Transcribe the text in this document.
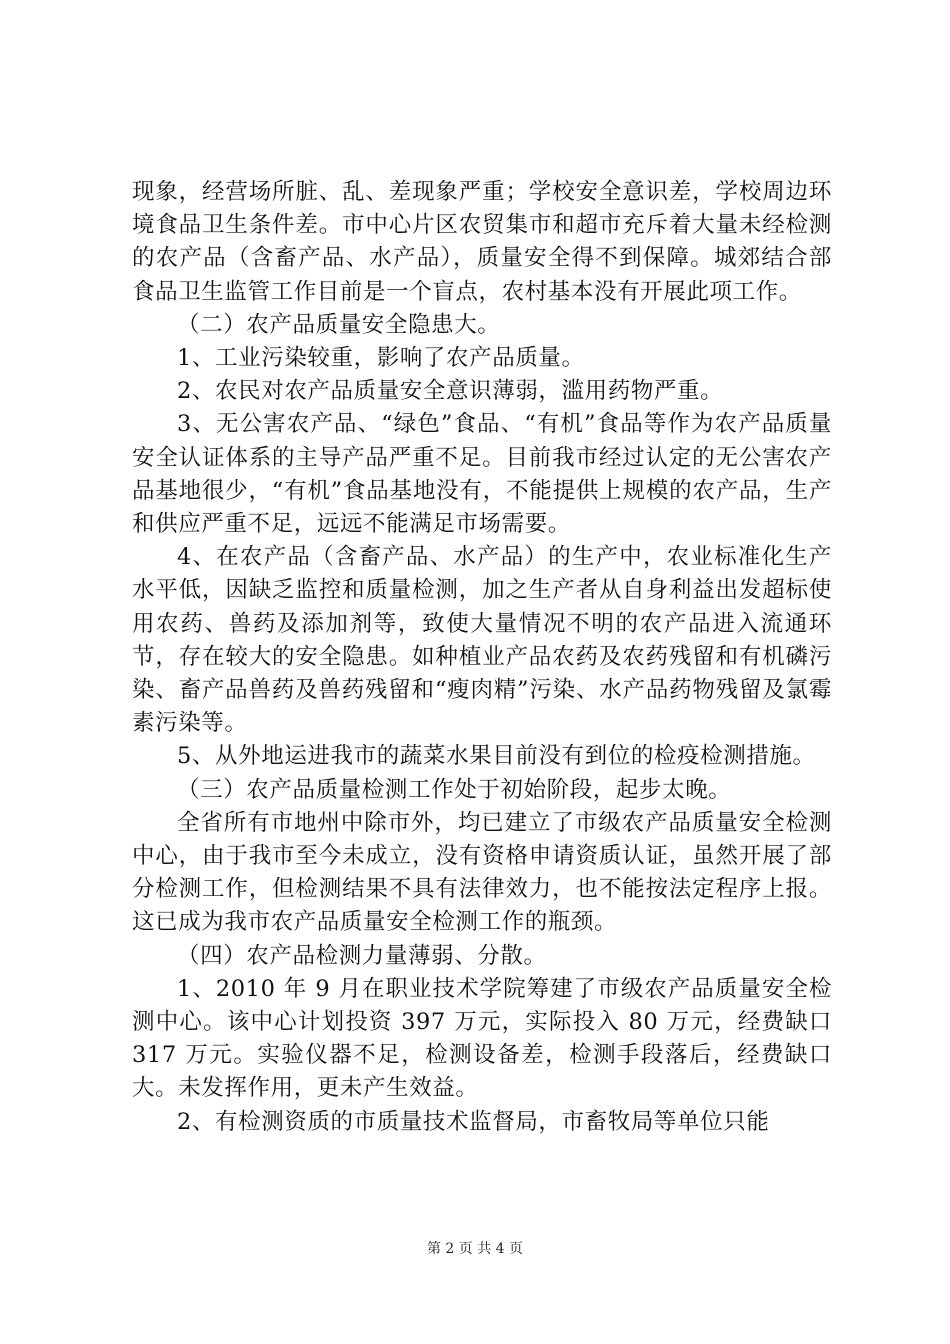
现象，经营场所脏、乱、差现象严重；学校安全意识差，学校周边环境食品卫生条件差。市中心片区农贸集市和超市充斥着大量未经检测的农产品（含畜产品、水产品），质量安全得不到保障。城郊结合部食品卫生监管工作目前是一个盲点，农村基本没有开展此项工作。

（二）农产品质量安全隐患大。

1、工业污染较重，影响了农产品质量。

2、农民对农产品质量安全意识薄弱，滥用药物严重。

3、无公害农产品、“绿色”食品、“有机”食品等作为农产品质量安全认证体系的主导产品严重不足。目前我市经过认定的无公害农产品基地很少，“有机”食品基地没有，不能提供上规模的农产品，生产和供应严重不足，远远不能满足市场需要。

4、在农产品（含畜产品、水产品）的生产中，农业标准化生产水平低，因缺乏监控和质量检测，加之生产者从自身利益出发超标使用农药、兽药及添加剂等，致使大量情况不明的农产品进入流通环节，存在较大的安全隐患。如种植业产品农药及农药残留和有机磷污染、畜产品兽药及兽药残留和“瘦肉精”污染、水产品药物残留及氯霉素污染等。

5、从外地运进我市的蔬菜水果目前没有到位的检疫检测措施。

（三）农产品质量检测工作处于初始阶段，起步太晚。

全省所有市地州中除市外，均已建立了市级农产品质量安全检测中心，由于我市至今未成立，没有资格申请资质认证，虽然开展了部分检测工作，但检测结果不具有法律效力，也不能按法定程序上报。这已成为我市农产品质量安全检测工作的瓶颈。

（四）农产品检测力量薄弱、分散。

1、2010 年 9 月在职业技术学院筹建了市级农产品质量安全检测中心。该中心计划投资 397 万元，实际投入 80 万元，经费缺口 317 万元。实验仪器不足，检测设备差，检测手段落后，经费缺口大。未发挥作用，更未产生效益。

2、有检测资质的市质量技术监督局，市畜牧局等单位只能

第 2 页 共 4 页
